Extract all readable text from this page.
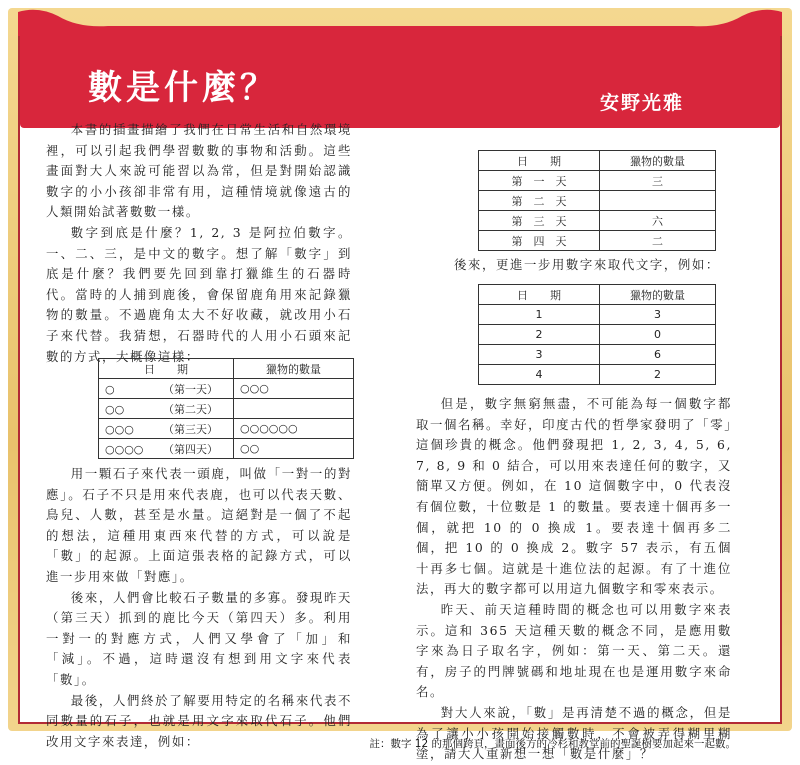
數是什麼？	安野光雅

本書的插畫描繪了我們在日常生活和自然環境裡，可以引起我們學習數數的事物和活動。這些畫面對大人來說可能習以為常，但是對開始認識數字的小小孩卻非常有用，這種情境就像遠古的人類開始試著數數一樣。

數字到底是什麼？1, 2, 3 是阿拉伯數字。一、二、三，是中文的數字。想了解「數字」到底是什麼？我們要先回到靠打獵維生的石器時代。當時的人捕到鹿後，會保留鹿角用來記錄獵物的數量。不過鹿角太大不好收藏，就改用小石子來代替。我猜想，石器時代的人用小石頭來記數的方式，大概像這樣：

日　　期	獵物的數量
○ （第一天）	○○○
○○ （第二天）	
○○○ （第三天）	○○○○○○
○○○○ （第四天）	○○

用一顆石子來代表一頭鹿，叫做「一對一的對應」。石子不只是用來代表鹿，也可以代表天數、鳥兒、人數，甚至是水量。這絕對是一個了不起的想法，這種用東西來代替的方式，可以說是「數」的起源。上面這張表格的記錄方式，可以進一步用來做「對應」。

後來，人們會比較石子數量的多寡。發現昨天（第三天）抓到的鹿比今天（第四天）多。利用一對一的對應方式，人們又學會了「加」和「減」。不過，這時還沒有想到用文字來代表「數」。

最後，人們終於了解要用特定的名稱來代表不同數量的石子，也就是用文字來取代石子。他們改用文字來表達，例如：

日　　期	獵物的數量
第　一　天	三
第　二　天	
第　三　天	六
第　四　天	二
後來，更進一步用數字來取代文字，例如：
日　　期	獵物的數量
1	3
2	0
3	6
4	2

但是，數字無窮無盡，不可能為每一個數字都取一個名稱。幸好，印度古代的哲學家發明了「零」這個珍貴的概念。他們發現把 1, 2, 3, 4, 5, 6, 7, 8, 9 和 0 結合，可以用來表達任何的數字，又簡單又方便。例如，在 10 這個數字中，0 代表沒有個位數，十位數是 1 的數量。要表達十個再多一個，就把 10 的 0 換成 1。要表達十個再多二個，把 10 的 0 換成 2。數字 57 表示，有五個十再多七個。這就是十進位法的起源。有了十進位法，再大的數字都可以用這九個數字和零來表示。

昨天、前天這種時間的概念也可以用數字來表示。這和 365 天這種天數的概念不同，是應用數字來為日子取名字，例如：第一天、第二天。還有，房子的門牌號碼和地址現在也是運用數字來命名。

對大人來說，「數」是再清楚不過的概念，但是為了讓小小孩開始接觸數時，不會被弄得糊里糊塗，請大人重新想一想「數是什麼」？

註：數字 12 的那個跨頁，畫面後方的冷杉和教堂前的聖誕樹要加起來一起數。
